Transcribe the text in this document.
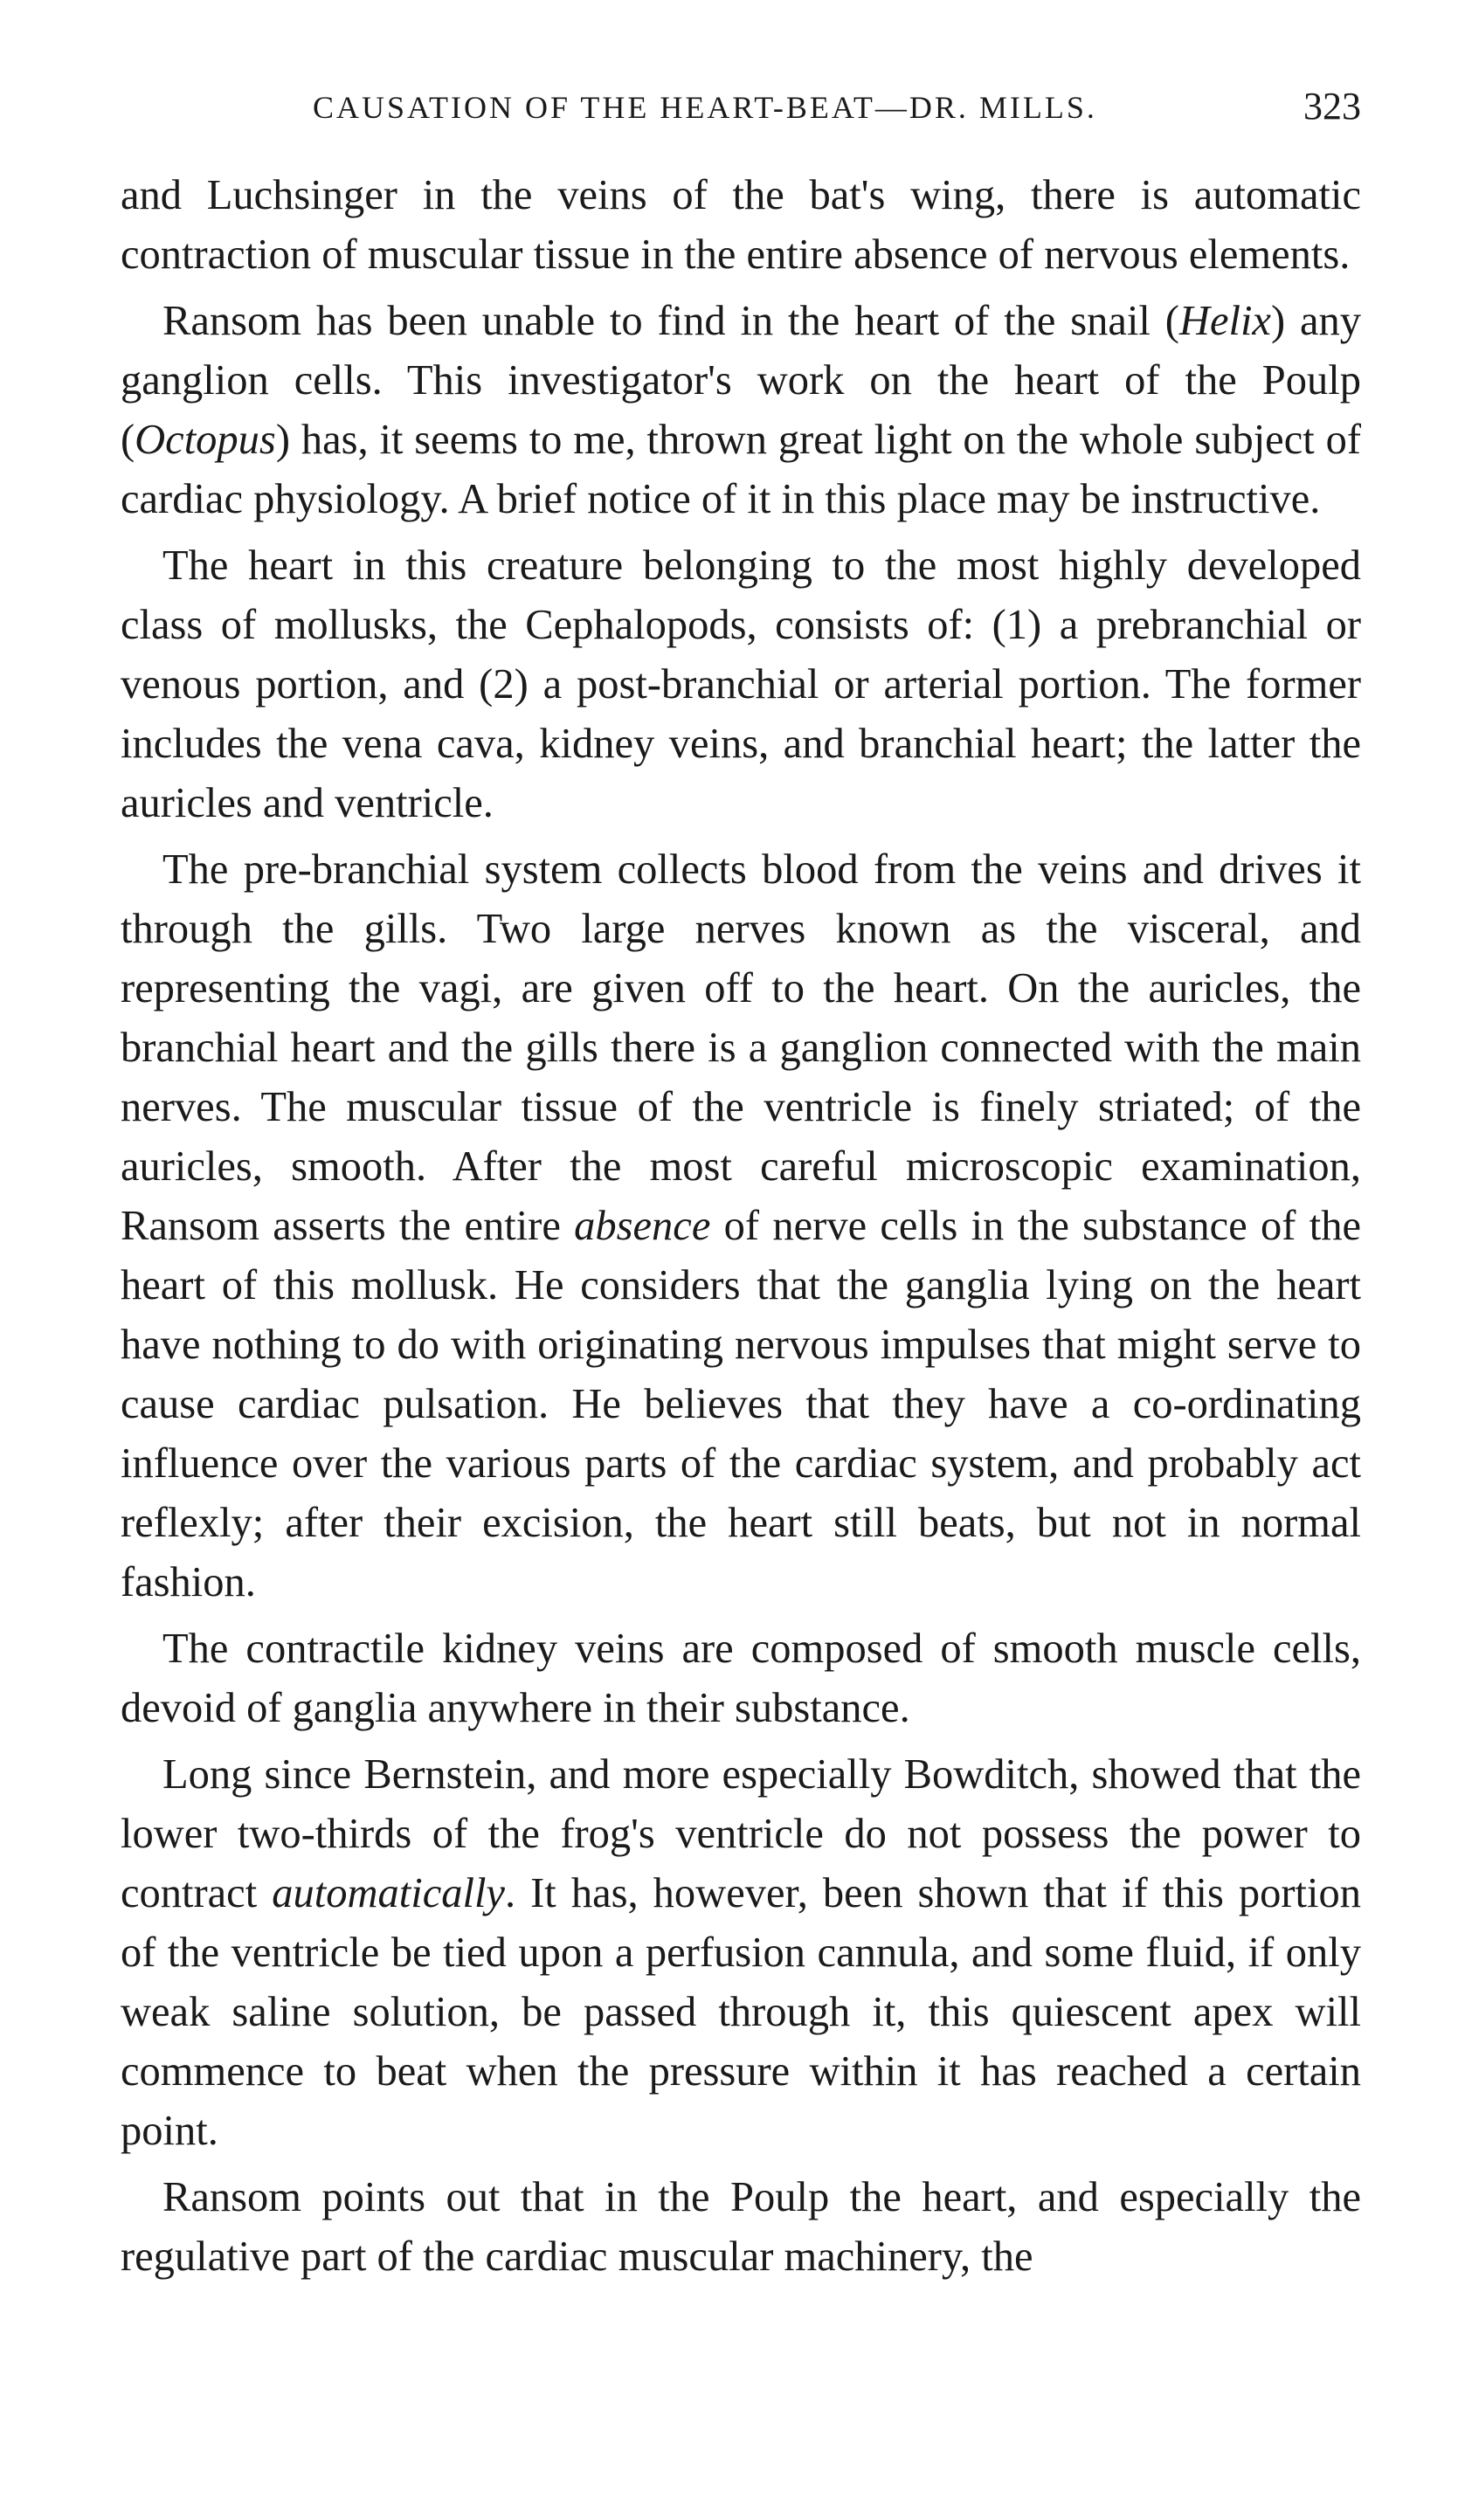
CAUSATION OF THE HEART-BEAT—DR. MILLS.	323

and Luchsinger in the veins of the bat's wing, there is automatic contraction of muscular tissue in the entire absence of nervous elements.

Ransom has been unable to find in the heart of the snail (Helix) any ganglion cells. This investigator's work on the heart of the Poulp (Octopus) has, it seems to me, thrown great light on the whole subject of cardiac physiology. A brief notice of it in this place may be instructive.

The heart in this creature belonging to the most highly developed class of mollusks, the Cephalopods, consists of: (1) a prebranchial or venous portion, and (2) a post-branchial or arterial portion. The former includes the vena cava, kidney veins, and branchial heart; the latter the auricles and ventricle.

The pre-branchial system collects blood from the veins and drives it through the gills. Two large nerves known as the visceral, and representing the vagi, are given off to the heart. On the auricles, the branchial heart and the gills there is a ganglion connected with the main nerves. The muscular tissue of the ventricle is finely striated; of the auricles, smooth. After the most careful microscopic examination, Ransom asserts the entire absence of nerve cells in the substance of the heart of this mollusk. He considers that the ganglia lying on the heart have nothing to do with originating nervous impulses that might serve to cause cardiac pulsation. He believes that they have a co-ordinating influence over the various parts of the cardiac system, and probably act reflexly; after their excision, the heart still beats, but not in normal fashion.

The contractile kidney veins are composed of smooth muscle cells, devoid of ganglia anywhere in their substance.

Long since Bernstein, and more especially Bowditch, showed that the lower two-thirds of the frog's ventricle do not possess the power to contract automatically. It has, however, been shown that if this portion of the ventricle be tied upon a perfusion cannula, and some fluid, if only weak saline solution, be passed through it, this quiescent apex will commence to beat when the pressure within it has reached a certain point.

Ransom points out that in the Poulp the heart, and especially the regulative part of the cardiac muscular machinery, the
